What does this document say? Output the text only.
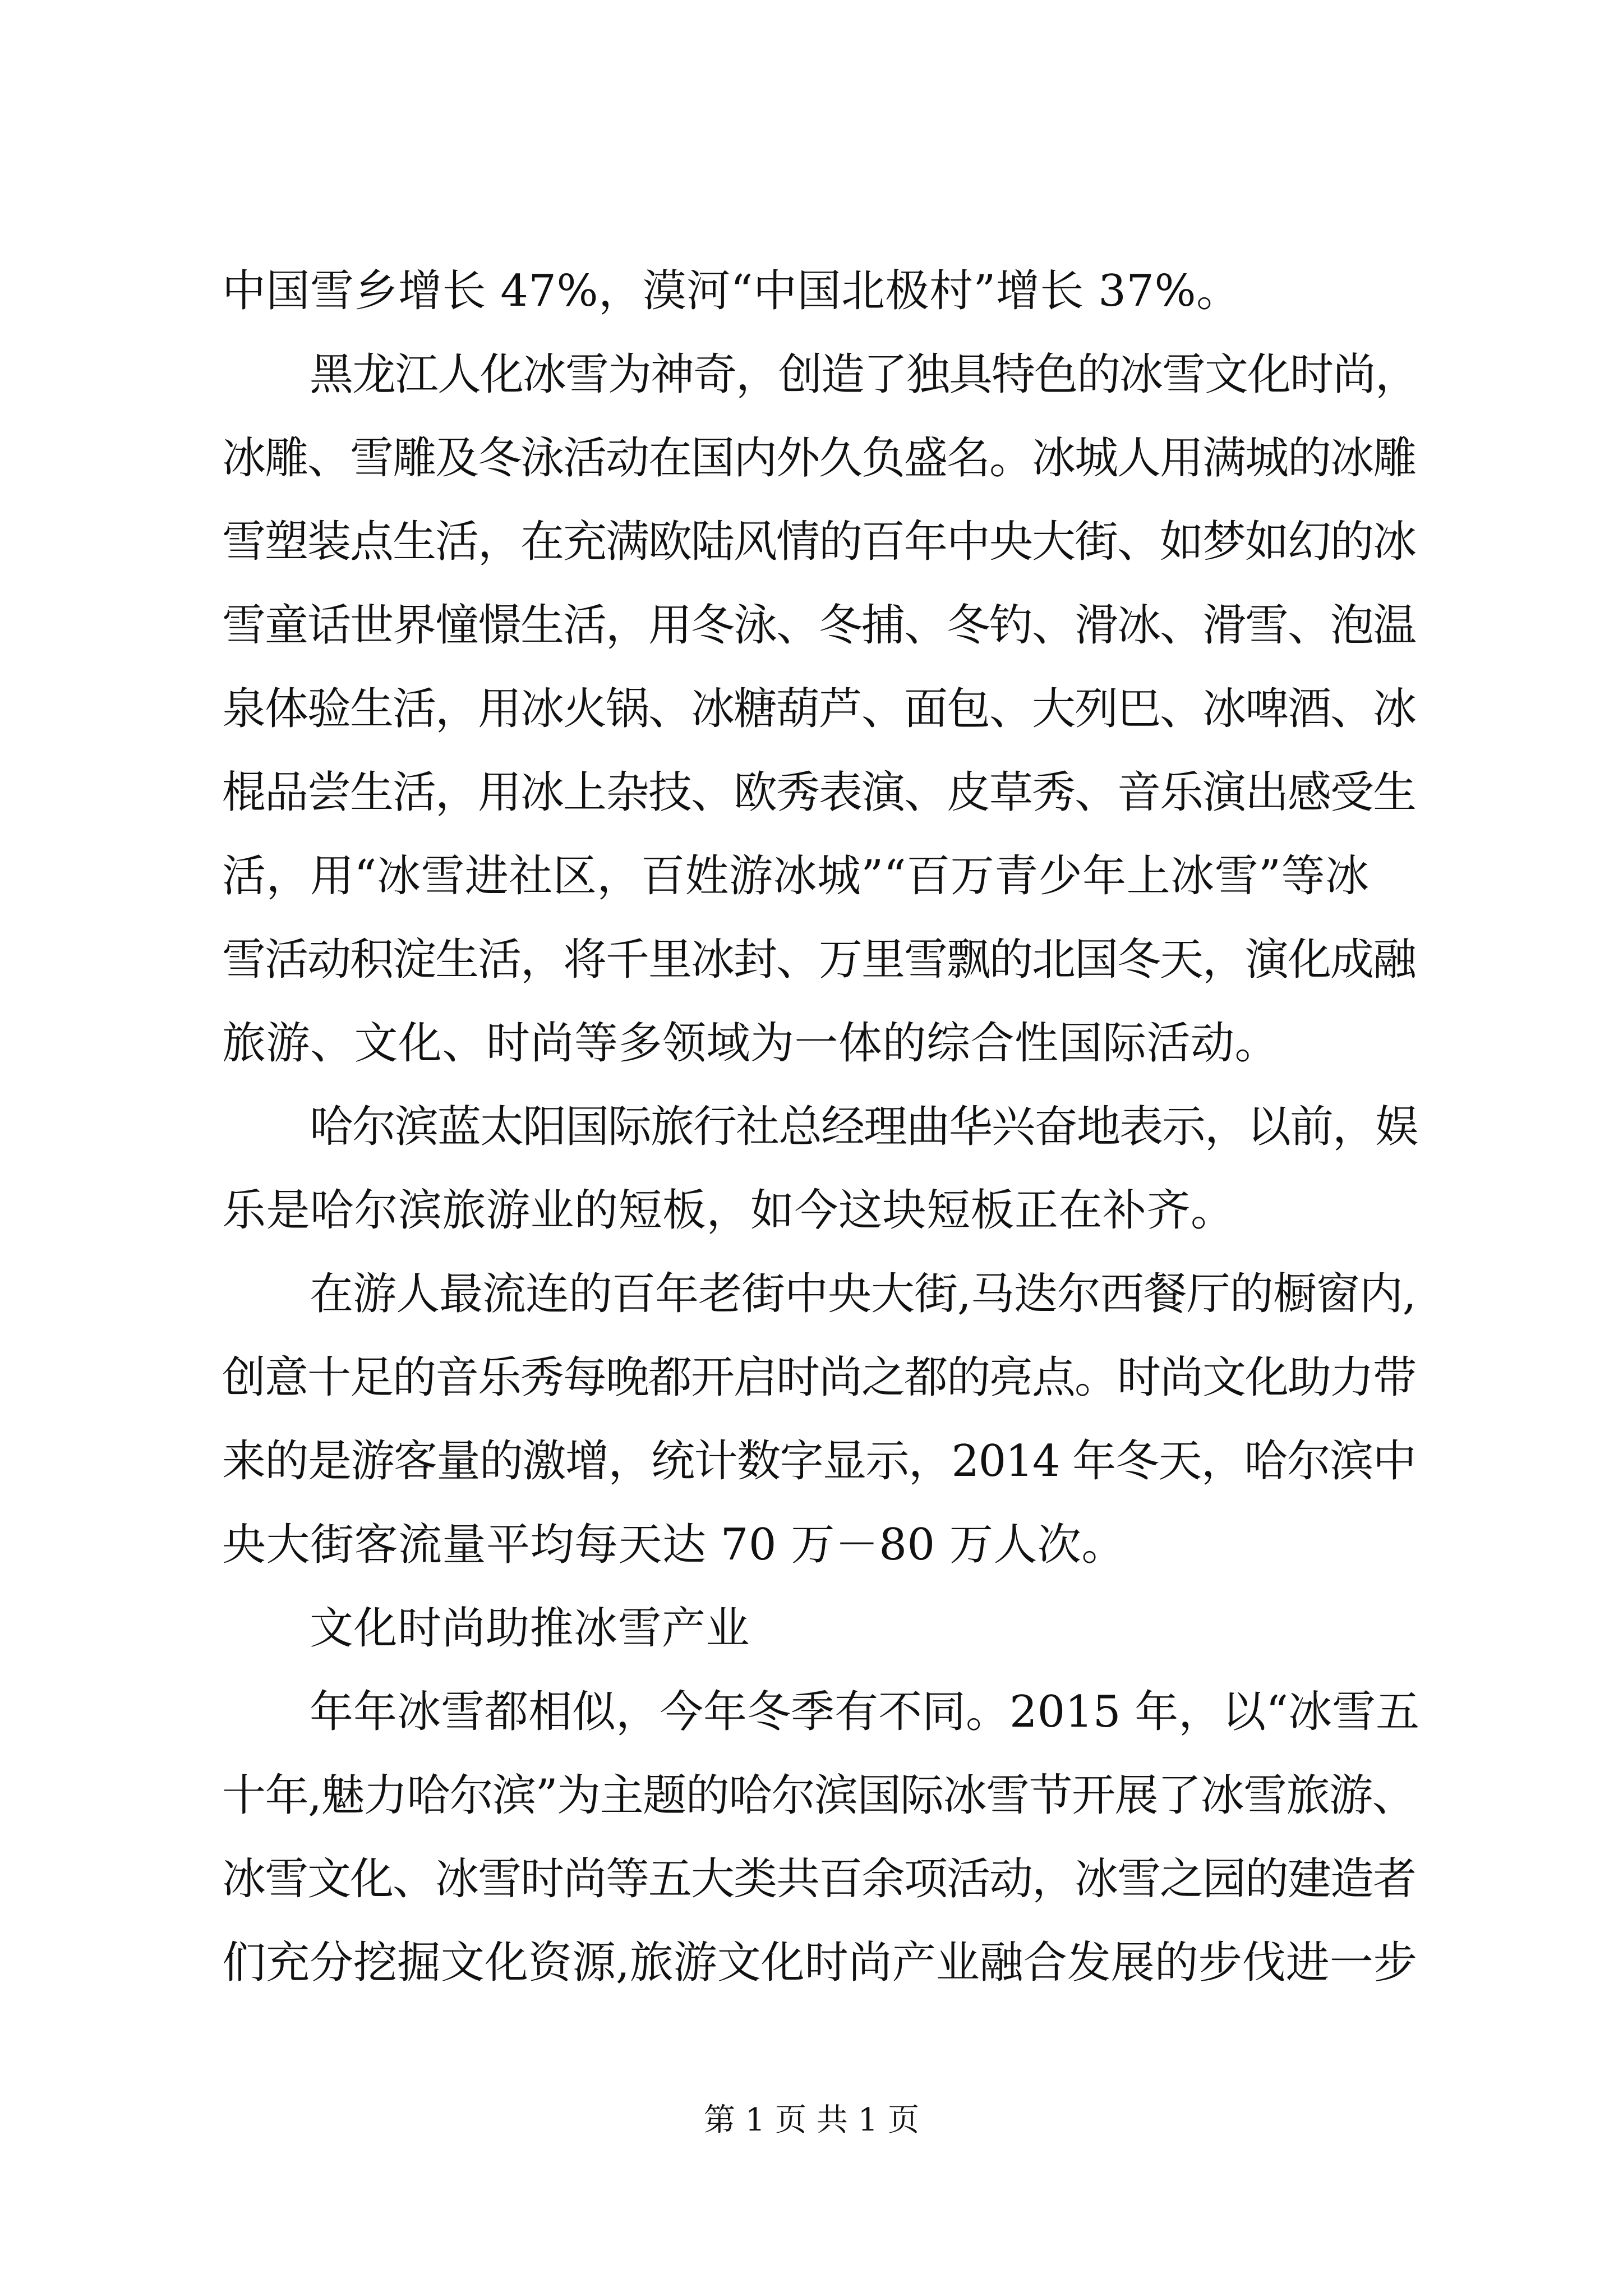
中国雪乡增长 47%，漠河“中国北极村”增长 37%。
黑龙江人化冰雪为神奇，创造了独具特色的冰雪文化时尚，
冰雕、雪雕及冬泳活动在国内外久负盛名。冰城人用满城的冰雕
雪塑装点生活，在充满欧陆风情的百年中央大街、如梦如幻的冰
雪童话世界憧憬生活，用冬泳、冬捕、冬钓、滑冰、滑雪、泡温
泉体验生活，用冰火锅、冰糖葫芦、面包、大列巴、冰啤酒、冰
棍品尝生活，用冰上杂技、欧秀表演、皮草秀、音乐演出感受生
活，用“冰雪进社区，百姓游冰城”“百万青少年上冰雪”等冰
雪活动积淀生活，将千里冰封、万里雪飘的北国冬天，演化成融
旅游、文化、时尚等多领域为一体的综合性国际活动。
哈尔滨蓝太阳国际旅行社总经理曲华兴奋地表示，以前，娱
乐是哈尔滨旅游业的短板，如今这块短板正在补齐。
在游人最流连的百年老街中央大街,马迭尔西餐厅的橱窗内,
创意十足的音乐秀每晚都开启时尚之都的亮点。时尚文化助力带
来的是游客量的激增，统计数字显示，2014 年冬天，哈尔滨中
央大街客流量平均每天达 70 万－80 万人次。
文化时尚助推冰雪产业
年年冰雪都相似，今年冬季有不同。2015 年，以“冰雪五
十年,魅力哈尔滨”为主题的哈尔滨国际冰雪节开展了冰雪旅游、
冰雪文化、冰雪时尚等五大类共百余项活动，冰雪之园的建造者
们充分挖掘文化资源,旅游文化时尚产业融合发展的步伐进一步
第 1 页 共 1 页
